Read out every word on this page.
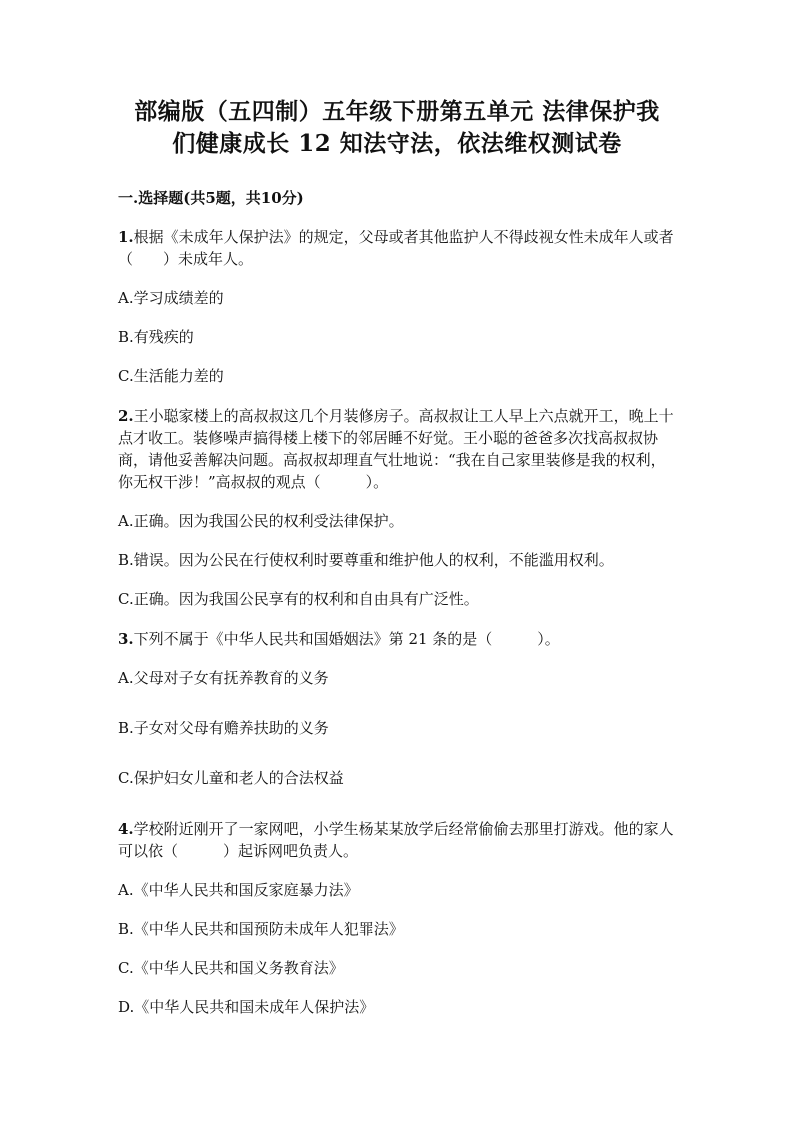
部编版（五四制）五年级下册第五单元 法律保护我
们健康成长 12 知法守法，依法维权测试卷
一.选择题(共5题，共10分)

1.根据《未成年人保护法》的规定，父母或者其他监护人不得歧视女性未成年人或者（　　）未成年人。

A.学习成绩差的
B.有残疾的
C.生活能力差的

2.王小聪家楼上的高叔叔这几个月装修房子。高叔叔让工人早上六点就开工，晚上十点才收工。装修噪声搞得楼上楼下的邻居睡不好觉。王小聪的爸爸多次找高叔叔协商，请他妥善解决问题。高叔叔却理直气壮地说：“我在自己家里装修是我的权利，你无权干涉！”高叔叔的观点（　　　）。

A.正确。因为我国公民的权利受法律保护。
B.错误。因为公民在行使权利时要尊重和维护他人的权利，不能滥用权利。
C.正确。因为我国公民享有的权利和自由具有广泛性。

3.下列不属于《中华人民共和国婚姻法》第 21 条的是（　　　）。

A.父母对子女有抚养教育的义务
B.子女对父母有赡养扶助的义务
C.保护妇女儿童和老人的合法权益

4.学校附近刚开了一家网吧，小学生杨某某放学后经常偷偷去那里打游戏。他的家人可以依（　　　）起诉网吧负责人。

A.《中华人民共和国反家庭暴力法》
B.《中华人民共和国预防未成年人犯罪法》
C.《中华人民共和国义务教育法》
D.《中华人民共和国未成年人保护法》
